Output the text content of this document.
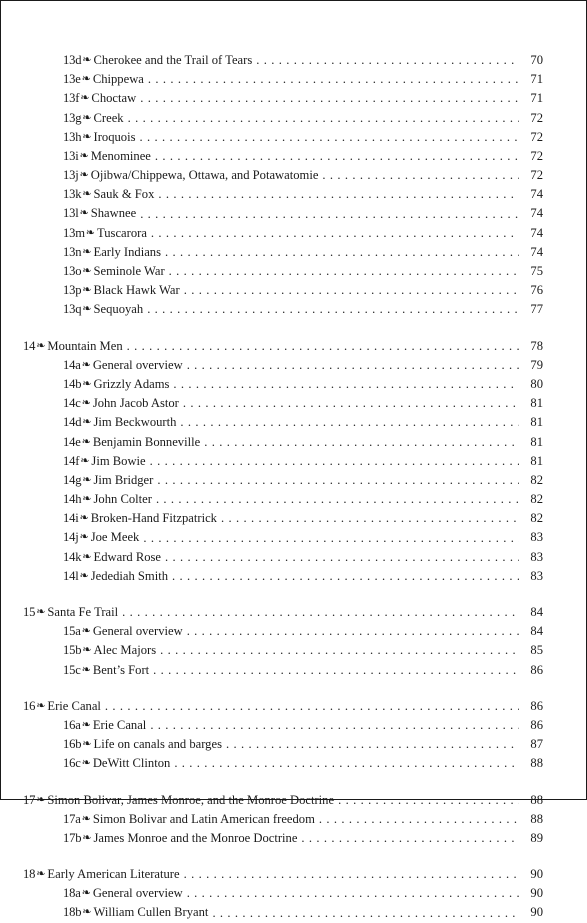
13d ❧ Cherokee and the Trail of Tears . . .	70
13e ❧ Chippewa . . .	71
13f ❧ Choctaw . . .	71
13g ❧ Creek . . .	72
13h ❧ Iroquois . . .	72
13i ❧ Menominee . . .	72
13j ❧ Ojibwa/Chippewa, Ottawa, and Potawatomie . . .	72
13k ❧ Sauk & Fox . . .	74
13l ❧ Shawnee . . .	74
13m ❧ Tuscarora . . .	74
13n ❧ Early Indians . . .	74
13o ❧ Seminole War . . .	75
13p ❧ Black Hawk War . . .	76
13q ❧ Sequoyah . . .	77
14 ❧ Mountain Men . . .	78
14a ❧ General overview . . .	79
14b ❧ Grizzly Adams . . .	80
14c ❧ John Jacob Astor . . .	81
14d ❧ Jim Beckwourth . . .	81
14e ❧ Benjamin Bonneville . . .	81
14f ❧ Jim Bowie . . .	81
14g ❧ Jim Bridger . . .	82
14h ❧ John Colter . . .	82
14i ❧ Broken-Hand Fitzpatrick . . .	82
14j ❧ Joe Meek . . .	83
14k ❧ Edward Rose . . .	83
14l ❧ Jedediah Smith . . .	83
15 ❧ Santa Fe Trail . . .	84
15a ❧ General overview . . .	84
15b ❧ Alec Majors . . .	85
15c ❧ Bent’s Fort . . .	86
16 ❧ Erie Canal . . .	86
16a ❧ Erie Canal . . .	86
16b ❧ Life on canals and barges . . .	87
16c ❧ DeWitt Clinton . . .	88
17 ❧ Simon Bolivar, James Monroe, and the Monroe Doctrine . . .	88
17a ❧ Simon Bolivar and Latin American freedom . . .	88
17b ❧ James Monroe and the Monroe Doctrine . . .	89
18 ❧ Early American Literature . . .	90
18a ❧ General overview . . .	90
18b ❧ William Cullen Bryant . . .	90
